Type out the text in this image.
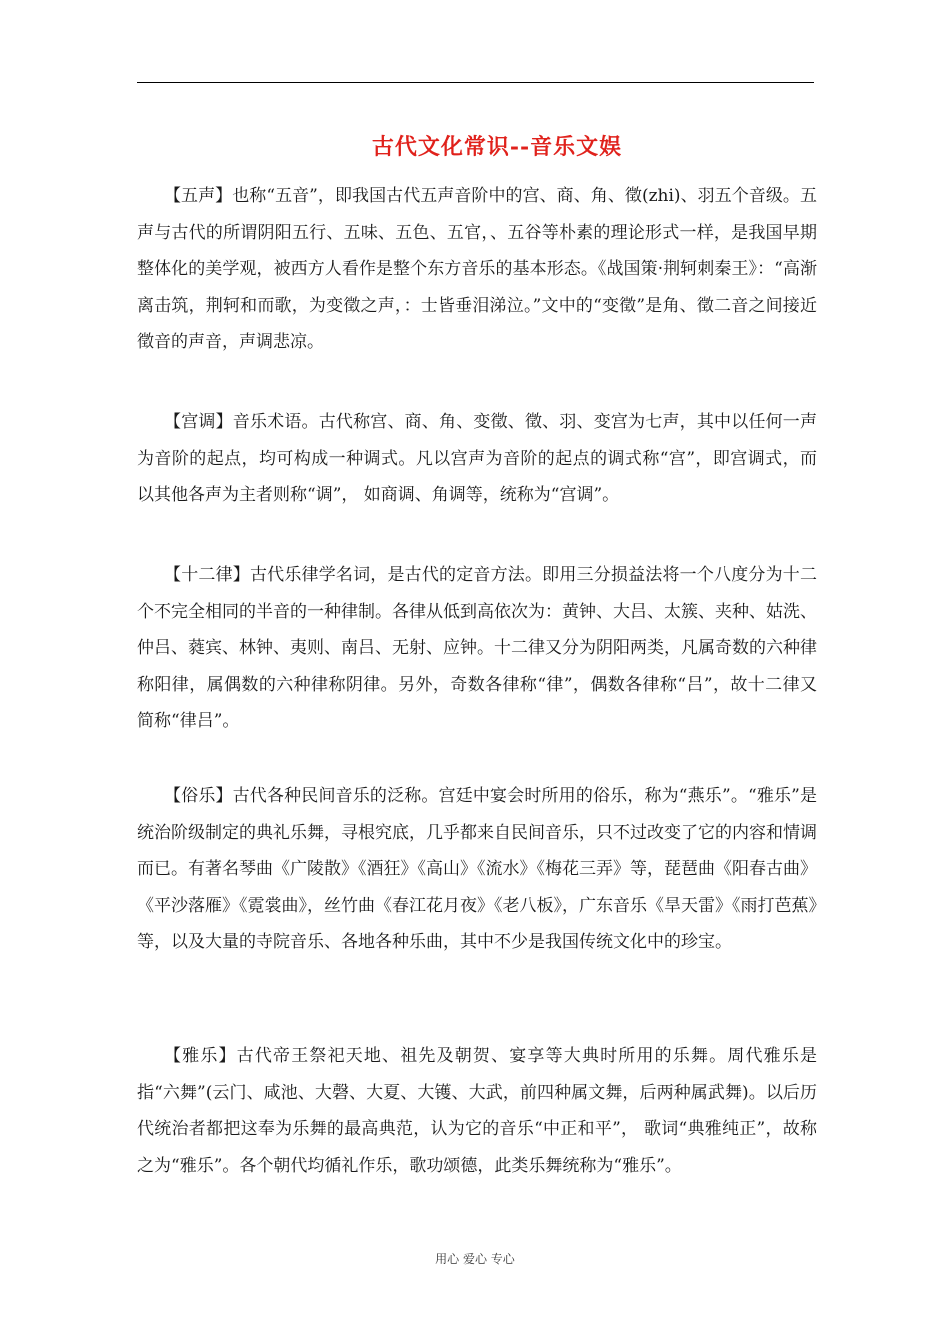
古代文化常识--音乐文娱

【五声】也称“五音”，即我国古代五声音阶中的宫、商、角、徵(zhi)、羽五个音级。五声与古代的所谓阴阳五行、五味、五色、五官，、五谷等朴素的理论形式一样，是我国早期整体化的美学观，被西方人看作是整个东方音乐的基本形态。《战国策·荆轲刺秦王》：“高渐离击筑，荆轲和而歌，为变徵之声，：士皆垂泪涕泣。”文中的“变徵”是角、徵二音之间接近徵音的声音，声调悲凉。

【宫调】音乐术语。古代称宫、商、角、变徵、徵、羽、变宫为七声，其中以任何一声为音阶的起点，均可构成一种调式。凡以宫声为音阶的起点的调式称“宫”，即宫调式，而以其他各声为主者则称“调”， 如商调、角调等，统称为“宫调”。

【十二律】古代乐律学名词，是古代的定音方法。即用三分损益法将一个八度分为十二个不完全相同的半音的一种律制。各律从低到高依次为：黄钟、大吕、太簇、夹种、姑洗、仲吕、蕤宾、林钟、夷则、南吕、无射、应钟。十二律又分为阴阳两类，凡属奇数的六种律称阳律，属偶数的六种律称阴律。另外，奇数各律称“律”，偶数各律称“吕”，故十二律又简称“律吕”。

【俗乐】古代各种民间音乐的泛称。宫廷中宴会时所用的俗乐，称为“燕乐”。“雅乐”是统治阶级制定的典礼乐舞，寻根究底，几乎都来自民间音乐，只不过改变了它的内容和情调而已。有著名琴曲《广陵散》《酒狂》《高山》《流水》《梅花三弄》等，琵琶曲《阳春古曲》《平沙落雁》《霓裳曲》，丝竹曲《春江花月夜》《老八板》，广东音乐《旱天雷》《雨打芭蕉》等，以及大量的寺院音乐、各地各种乐曲，其中不少是我国传统文化中的珍宝。

【雅乐】古代帝王祭祀天地、祖先及朝贺、宴享等大典时所用的乐舞。周代雅乐是指“六舞”(云门、咸池、大磬、大夏、大镬、大武，前四种属文舞，后两种属武舞)。以后历代统治者都把这奉为乐舞的最高典范，认为它的音乐“中正和平”， 歌词“典雅纯正”，故称之为“雅乐”。各个朝代均循礼作乐，歌功颂德，此类乐舞统称为“雅乐”。

用心 爱心 专心
